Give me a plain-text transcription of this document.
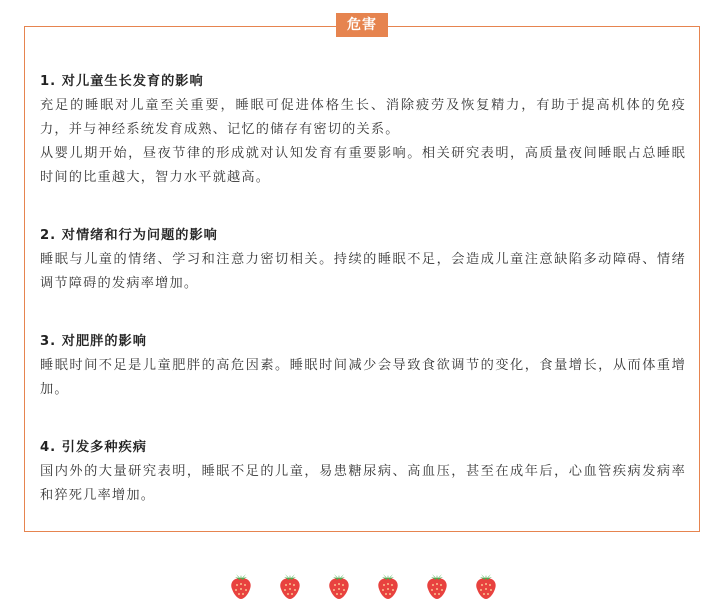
危害

1. 对儿童生长发育的影响

充足的睡眠对儿童至关重要，睡眠可促进体格生长、消除疲劳及恢复精力，有助于提高机体的免疫力，并与神经系统发育成熟、记忆的储存有密切的关系。

从婴儿期开始，昼夜节律的形成就对认知发育有重要影响。相关研究表明，高质量夜间睡眠占总睡眠时间的比重越大，智力水平就越高。

2. 对情绪和行为问题的影响

睡眠与儿童的情绪、学习和注意力密切相关。持续的睡眠不足，会造成儿童注意缺陷多动障碍、情绪调节障碍的发病率增加。

3. 对肥胖的影响

睡眠时间不足是儿童肥胖的高危因素。睡眠时间减少会导致食欲调节的变化，食量增长，从而体重增加。

4. 引发多种疾病

国内外的大量研究表明，睡眠不足的儿童，易患糖尿病、高血压，甚至在成年后，心血管疾病发病率和猝死几率增加。
